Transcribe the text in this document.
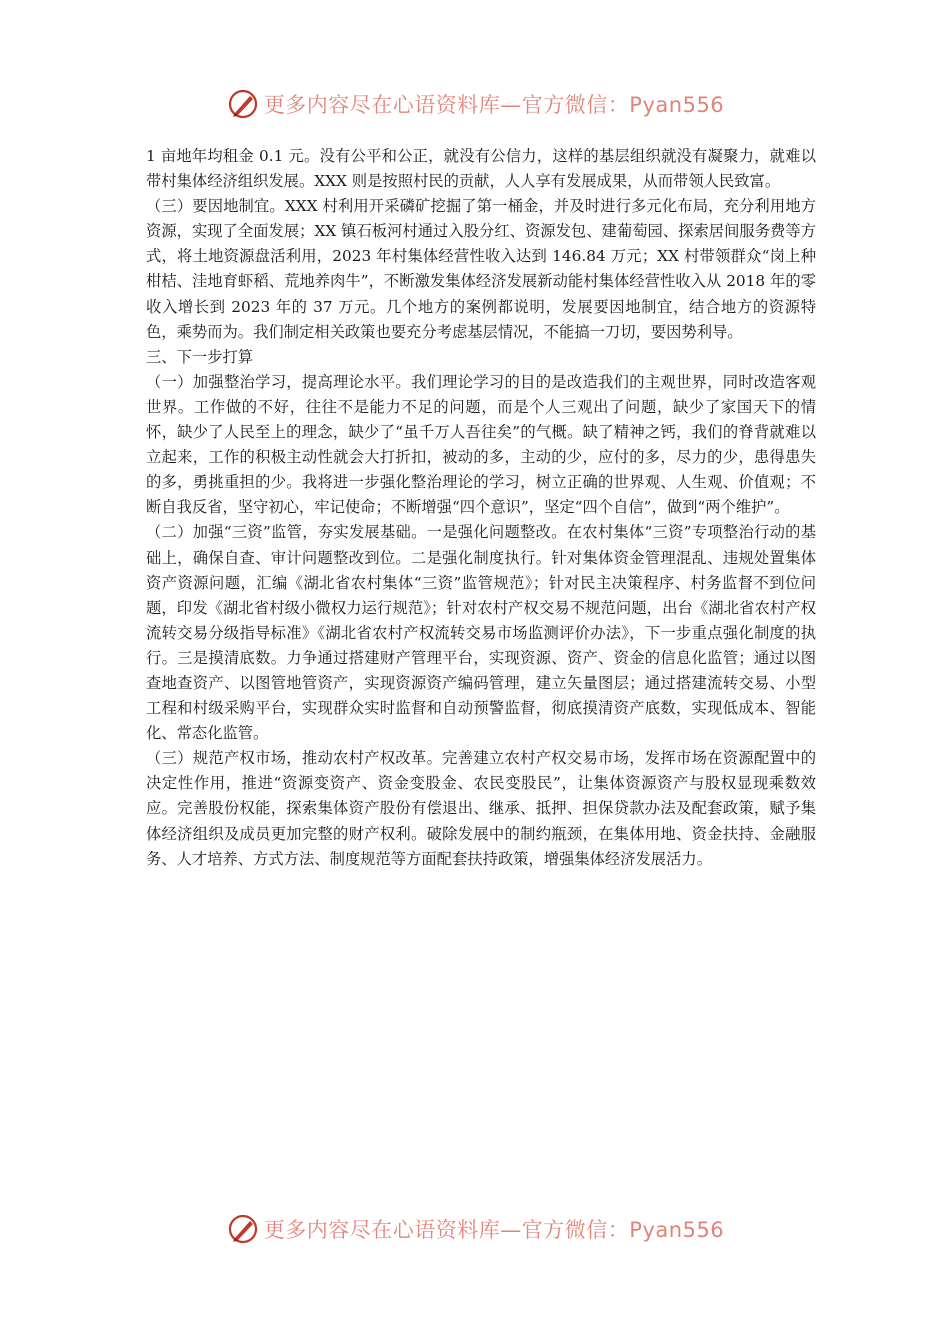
更多内容尽在心语资料库—官方微信：Pyan556

1 亩地年均租金 0.1 元。没有公平和公正，就没有公信力，这样的基层组织就没有凝聚力，就难以带村集体经济组织发展。XXX 则是按照村民的贡献，人人享有发展成果，从而带领人民致富。

（三）要因地制宜。XXX 村利用开采磷矿挖掘了第一桶金，并及时进行多元化布局，充分利用地方资源，实现了全面发展；XX 镇石板河村通过入股分红、资源发包、建葡萄园、探索居间服务费等方式，将土地资源盘活利用，2023 年村集体经营性收入达到 146.84 万元；XX 村带领群众“岗上种柑桔、洼地育虾稻、荒地养肉牛”，不断激发集体经济发展新动能村集体经营性收入从 2018 年的零收入增长到 2023 年的 37 万元。几个地方的案例都说明，发展要因地制宜，结合地方的资源特色，乘势而为。我们制定相关政策也要充分考虑基层情况，不能搞一刀切，要因势利导。

三、下一步打算

（一）加强整治学习，提高理论水平。我们理论学习的目的是改造我们的主观世界，同时改造客观世界。工作做的不好，往往不是能力不足的问题，而是个人三观出了问题，缺少了家国天下的情怀，缺少了人民至上的理念，缺少了“虽千万人吾往矣”的气概。缺了精神之钙，我们的脊背就难以立起来，工作的积极主动性就会大打折扣，被动的多，主动的少，应付的多，尽力的少，患得患失的多，勇挑重担的少。我将进一步强化整治理论的学习，树立正确的世界观、人生观、价值观；不断自我反省，坚守初心，牢记使命；不断增强“四个意识”，坚定“四个自信”，做到“两个维护”。

（二）加强“三资”监管，夯实发展基础。一是强化问题整改。在农村集体“三资”专项整治行动的基础上，确保自查、审计问题整改到位。二是强化制度执行。针对集体资金管理混乱、违规处置集体资产资源问题，汇编《湖北省农村集体“三资”监管规范》；针对民主决策程序、村务监督不到位问题，印发《湖北省村级小微权力运行规范》；针对农村产权交易不规范问题，出台《湖北省农村产权流转交易分级指导标准》《湖北省农村产权流转交易市场监测评价办法》，下一步重点强化制度的执行。三是摸清底数。力争通过搭建财产管理平台，实现资源、资产、资金的信息化监管；通过以图查地查资产、以图管地管资产，实现资源资产编码管理，建立矢量图层；通过搭建流转交易、小型工程和村级采购平台，实现群众实时监督和自动预警监督，彻底摸清资产底数，实现低成本、智能化、常态化监管。

（三）规范产权市场，推动农村产权改革。完善建立农村产权交易市场，发挥市场在资源配置中的决定性作用，推进“资源变资产、资金变股金、农民变股民”，让集体资源资产与股权显现乘数效应。完善股份权能，探索集体资产股份有偿退出、继承、抵押、担保贷款办法及配套政策，赋予集体经济组织及成员更加完整的财产权利。破除发展中的制约瓶颈，在集体用地、资金扶持、金融服务、人才培养、方式方法、制度规范等方面配套扶持政策，增强集体经济发展活力。

更多内容尽在心语资料库—官方微信：Pyan556
